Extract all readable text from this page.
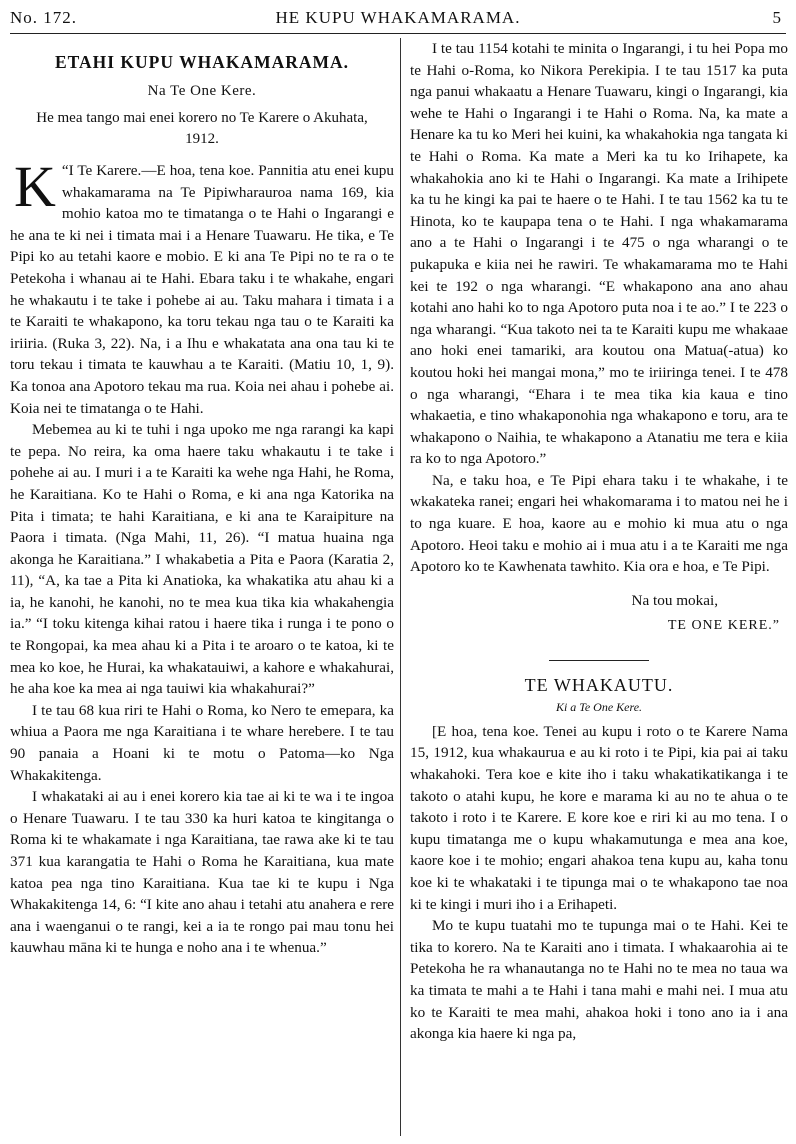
No. 172.	HE KUPU WHAKAMARAMA.	5
ETAHI KUPU WHAKAMARAMA.
Na Te One Kere.
He mea tango mai enei korero no Te Karere o Akuhata, 1912.

K “I Te Karere.—E hoa, tena koe. Pannitia atu enei kupu whakamarama na Te Pipiwharauroa nama 169, kia mohio katoa mo te timatanga o te Hahi o Ingarangi e he ana te ki nei i timata mai i a Henare Tuawaru. He tika, e Te Pipi ko au tetahi kaore e mobio. E ki ana Te Pipi no te ra o te Petekoha i whanau ai te Hahi. Ebara taku i te whakahe, engari he whakautu i te take i pohebe ai au. Taku mahara i timata i a te Karaiti te whakapono, ka toru tekau nga tau o te Karaiti ka iriiria. (Ruka 3, 22). Na, i a Ihu e whakatata ana ona tau ki te toru tekau i timata te kauwhau a te Karaiti. (Matiu 10, 1, 9). Ka tonoa ana Apotoro tekau ma rua. Koia nei ahau i pohebe ai. Koia nei te timatanga o te Hahi.

Mebemea au ki te tuhi i nga upoko me nga rarangi ka kapi te pepa. No reira, ka oma haere taku whakautu i te take i pohehe ai au. I muri i a te Karaiti ka wehe nga Hahi, he Roma, he Karaitiana. Ko te Hahi o Roma, e ki ana nga Katorika na Pita i timata; te hahi Karaitiana, e ki ana te Karaipiture na Paora i timata. (Nga Mahi, 11, 26). “I matua huaina nga akonga he Karaitiana.” I whakabetia a Pita e Paora (Karatia 2, 11), “A, ka tae a Pita ki Anatioka, ka whakatika atu ahau ki a ia, he kanohi, he kanohi, no te mea kua tika kia whakahengia ia.” “I toku kitenga kihai ratou i haere tika i runga i te pono o te Rongopai, ka mea ahau ki a Pita i te aroaro o te katoa, ki te mea ko koe, he Hurai, ka whakatauiwi, a kahore e whakahurai, he aha koe ka mea ai nga tauiwi kia whakahurai?”

I te tau 68 kua riri te Hahi o Roma, ko Nero te emepara, ka whiua a Paora me nga Karaitiana i te whare herebere. I te tau 90 panaia a Hoani ki te motu o Patoma—ko Nga Whakakitenga.

I whakataki ai au i enei korero kia tae ai ki te wa i te ingoa o Henare Tuawaru. I te tau 330 ka huri katoa te kingitanga o Roma ki te whakamate i nga Karaitiana, tae rawa ake ki te tau 371 kua karangatia te Hahi o Roma he Karaitiana, kua mate katoa pea nga tino Karaitiana. Kua tae ki te kupu i Nga Whakakitenga 14, 6: “I kite ano ahau i tetahi atu anahera e rere ana i waenganui o te rangi, kei a ia te rongo pai mau tonu hei kauwhau māna ki te hunga e noho ana i te whenua.”

I te tau 1154 kotahi te minita o Ingarangi, i tu hei Popa mo te Hahi o-Roma, ko Nikora Perekipia. I te tau 1517 ka puta nga panui whakaatu a Henare Tuawaru, kingi o Ingarangi, kia wehe te Hahi o Ingarangi i te Hahi o Roma. Na, ka mate a Henare ka tu ko Meri hei kuini, ka whakahokia nga tangata ki te Hahi o Roma. Ka mate a Meri ka tu ko Irihapete, ka whakahokia ano ki te Hahi o Ingarangi. Ka mate a Irihipete ka tu he kingi ka pai te haere o te Hahi. I te tau 1562 ka tu te Hinota, ko te kaupapa tena o te Hahi. I nga whakamarama ano a te Hahi o Ingarangi i te 475 o nga wharangi o te pukapuka e kiia nei he rawiri. Te whakamarama mo te Hahi kei te 192 o nga wharangi. “E whakapono ana ano ahau kotahi ano hahi ko to nga Apotoro puta noa i te ao.” I te 223 o nga wharangi. “Kua takoto nei ta te Karaiti kupu me whakaae ano hoki enei tamariki, ara koutou ona Matua(-atua) ko koutou hoki hei mangai mona,” mo te iriiringa tenei. I te 478 o nga wharangi, “Ehara i te mea tika kia kaua e tino whakaetia, e tino whakaponohia nga whakapono e toru, ara te whakapono o Naihia, te whakapono a Atanatiu me tera e kiia ra ko to nga Apotoro.”

Na, e taku hoa, e Te Pipi ehara taku i te whakahe, i te wkakateka ranei; engari hei whakomarama i to matou nei he i to nga kuare. E hoa, kaore au e mohio ki mua atu o nga Apotoro. Heoi taku e mohio ai i mua atu i a te Karaiti me nga Apotoro ko te Kawhenata tawhito. Kia ora e hoa, e Te Pipi.

Na tou mokai,
TE ONE KERE.”
TE WHAKAUTU.
Ki a Te One Kere.

[E hoa, tena koe. Tenei au kupu i roto o te Karere Nama 15, 1912, kua whakaurua e au ki roto i te Pipi, kia pai ai taku whakahoki. Tera koe e kite iho i taku whakatikatikanga i te takoto o atahi kupu, he kore e marama ki au no te ahua o te takoto i roto i te Karere. E kore koe e riri ki au mo tena. I o kupu timatanga me o kupu whakamutunga e mea ana koe, kaore koe i te mohio; engari ahakoa tena kupu au, kaha tonu koe ki te whakataki i te tipunga mai o te whakapono tae noa ki te kingi i muri iho i a Erihapeti.

Mo te kupu tuatahi mo te tupunga mai o te Hahi. Kei te tika to korero. Na te Karaiti ano i timata. I whakaarohia ai te Petekoha he ra whanautanga no te Hahi no te mea no taua wa ka timata te mahi a te Hahi i tana mahi e mahi nei. I mua atu ko te Karaiti te mea mahi, ahakoa hoki i tono ano ia i ana akonga kia haere ki nga pa,
